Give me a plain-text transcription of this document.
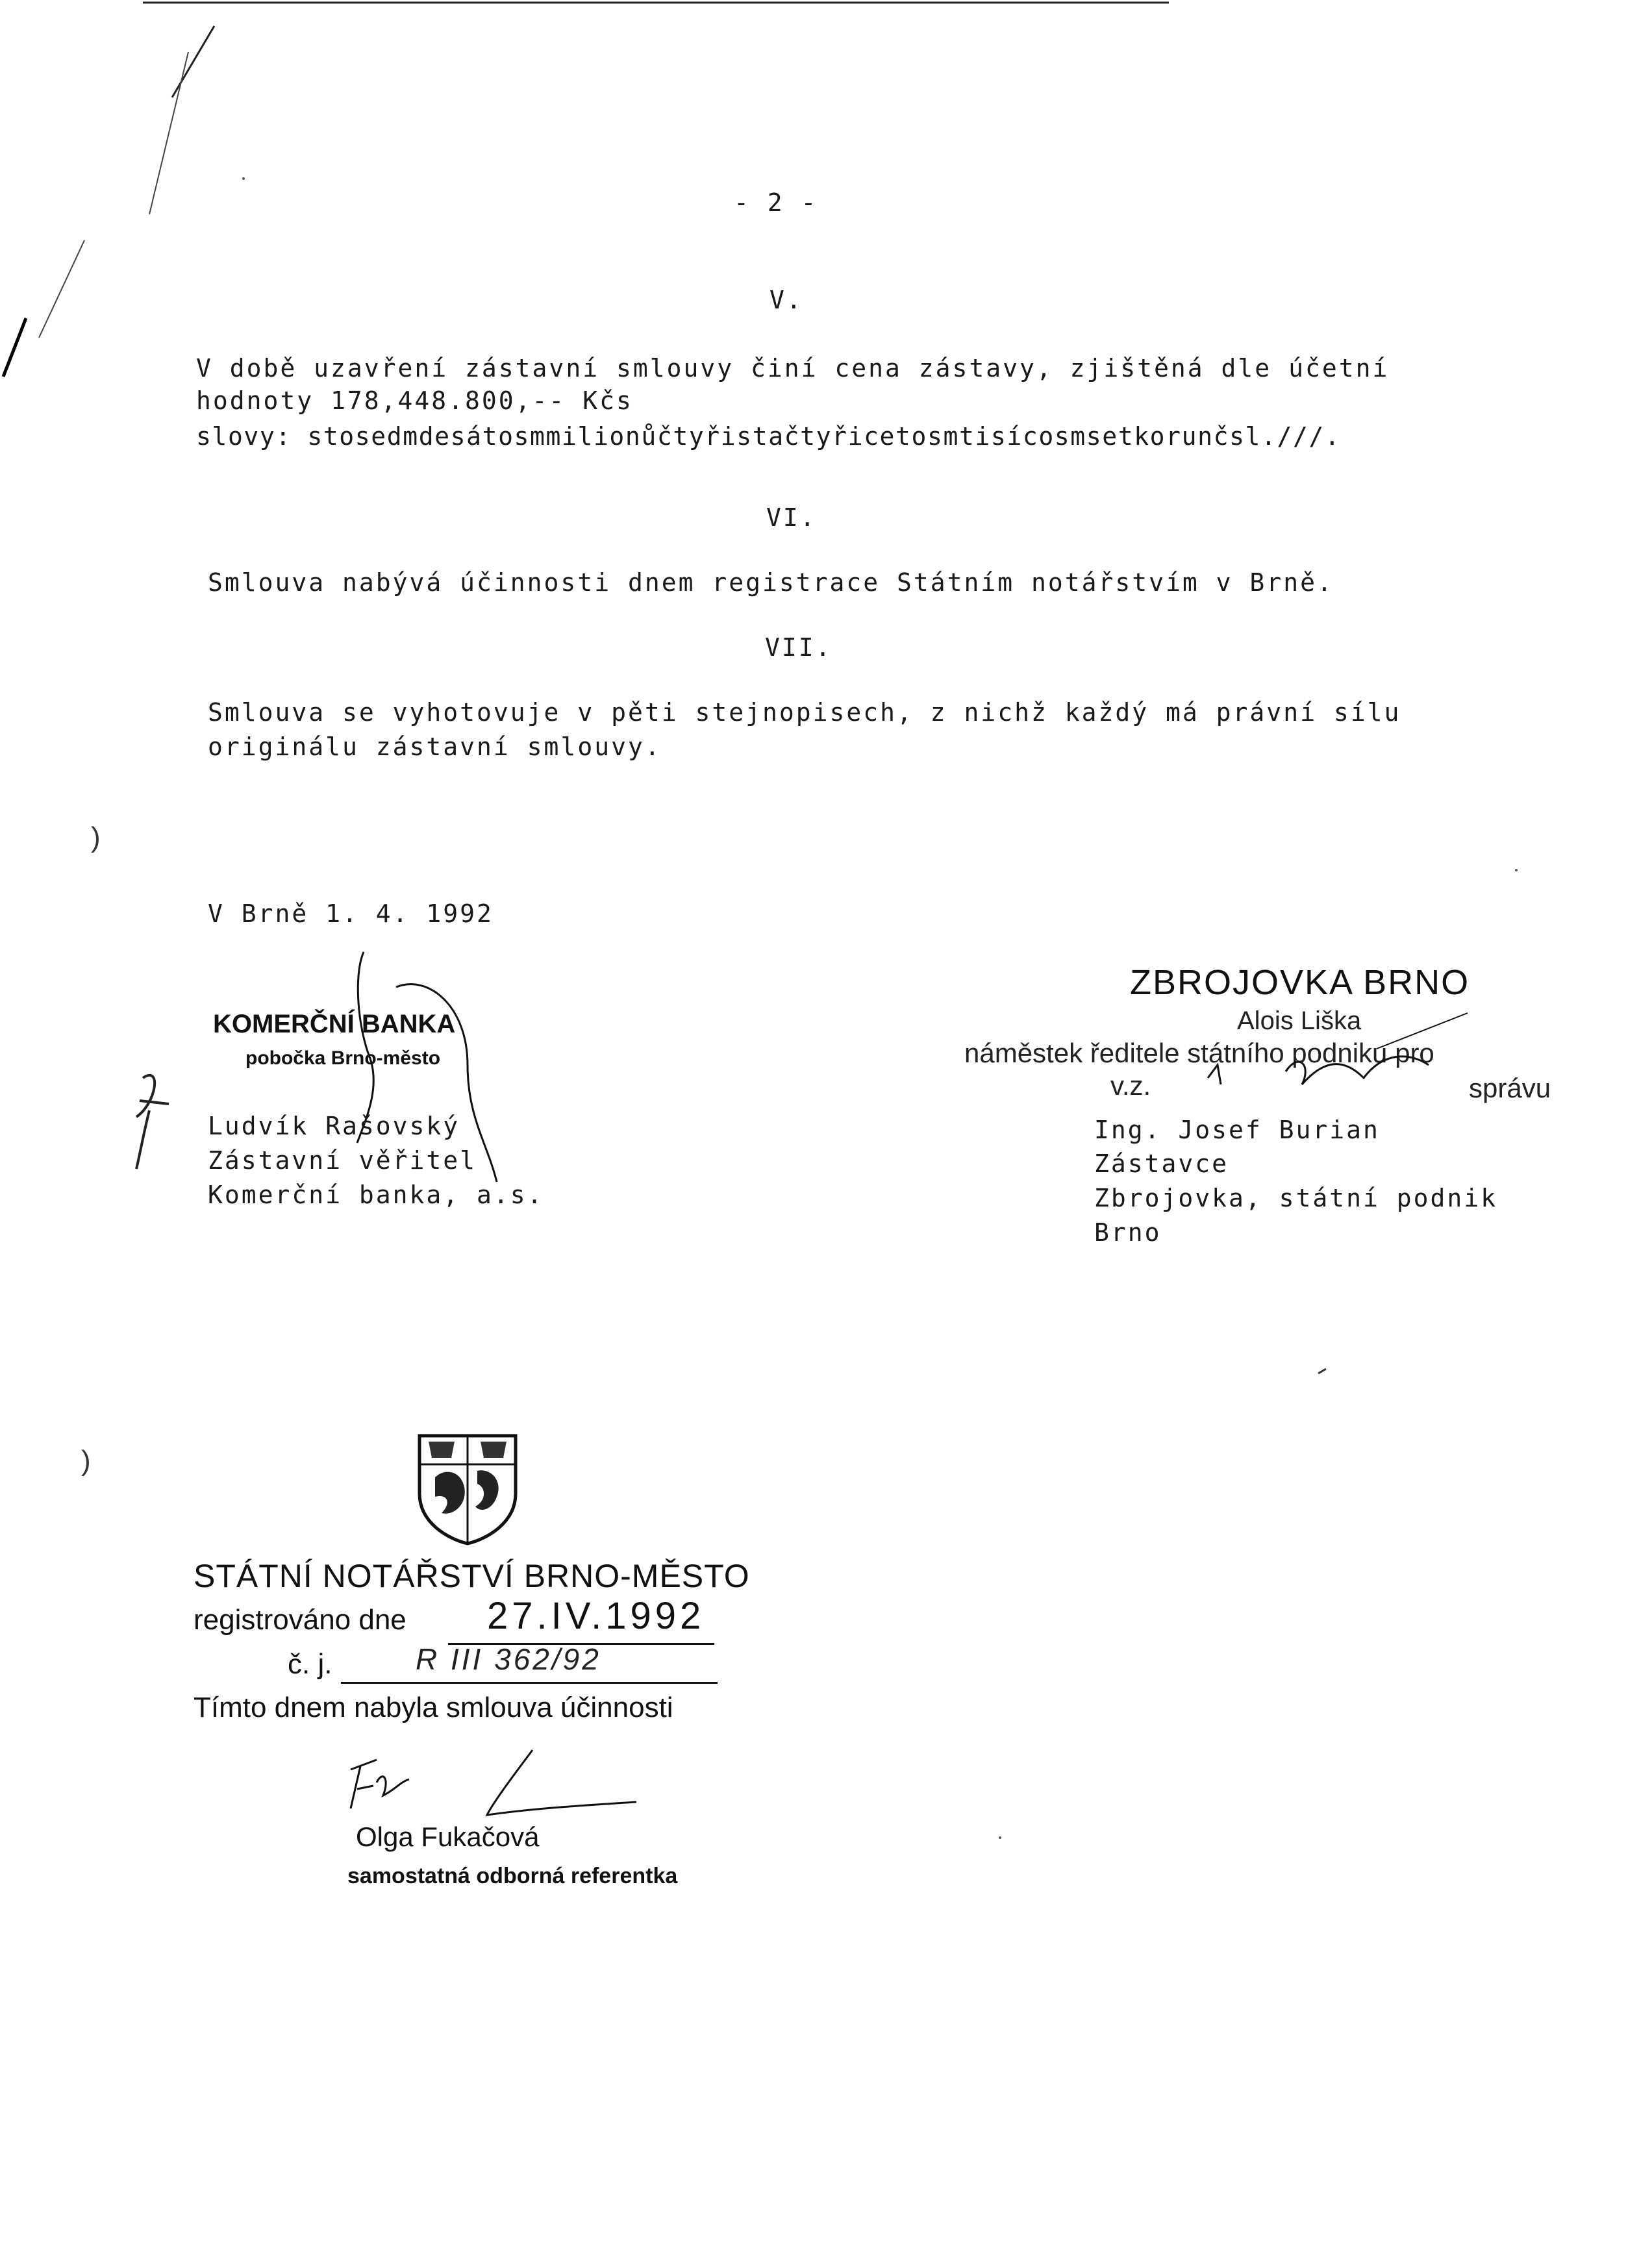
)
)
- 2 -
V.
V době uzavření zástavní smlouvy činí cena zástavy, zjištěná dle účetní
hodnoty 178,448.800,-- Kčs
slovy: stosedmdesátosmmilionůčtyřistačtyřicetosmtisícosmsetkorunčsl.///.
VI.
Smlouva nabývá účinnosti dnem registrace Státním notářstvím v Brně.
VII.
Smlouva se vyhotovuje v pěti stejnopisech, z nichž každý má právní sílu
originálu zástavní smlouvy.
V Brně 1. 4. 1992
KOMERČNÍ BANKA
pobočka Brno-město
Ludvík Rašovský
Zástavní věřitel
Komerční banka, a.s.
ZBROJOVKA BRNO
Alois Liška
náměstek ředitele státního podniku pro
v.z.	správu
Ing. Josef Burian
Zástavce
Zbrojovka, státní podnik
Brno
STÁTNÍ NOTÁŘSTVÍ BRNO-MĚSTO
registrováno dne 27.IV.1992
č. j.	R III 362/92
Tímto dnem nabyla smlouva účinnosti
Olga Fukačová
samostatná odborná referentka
